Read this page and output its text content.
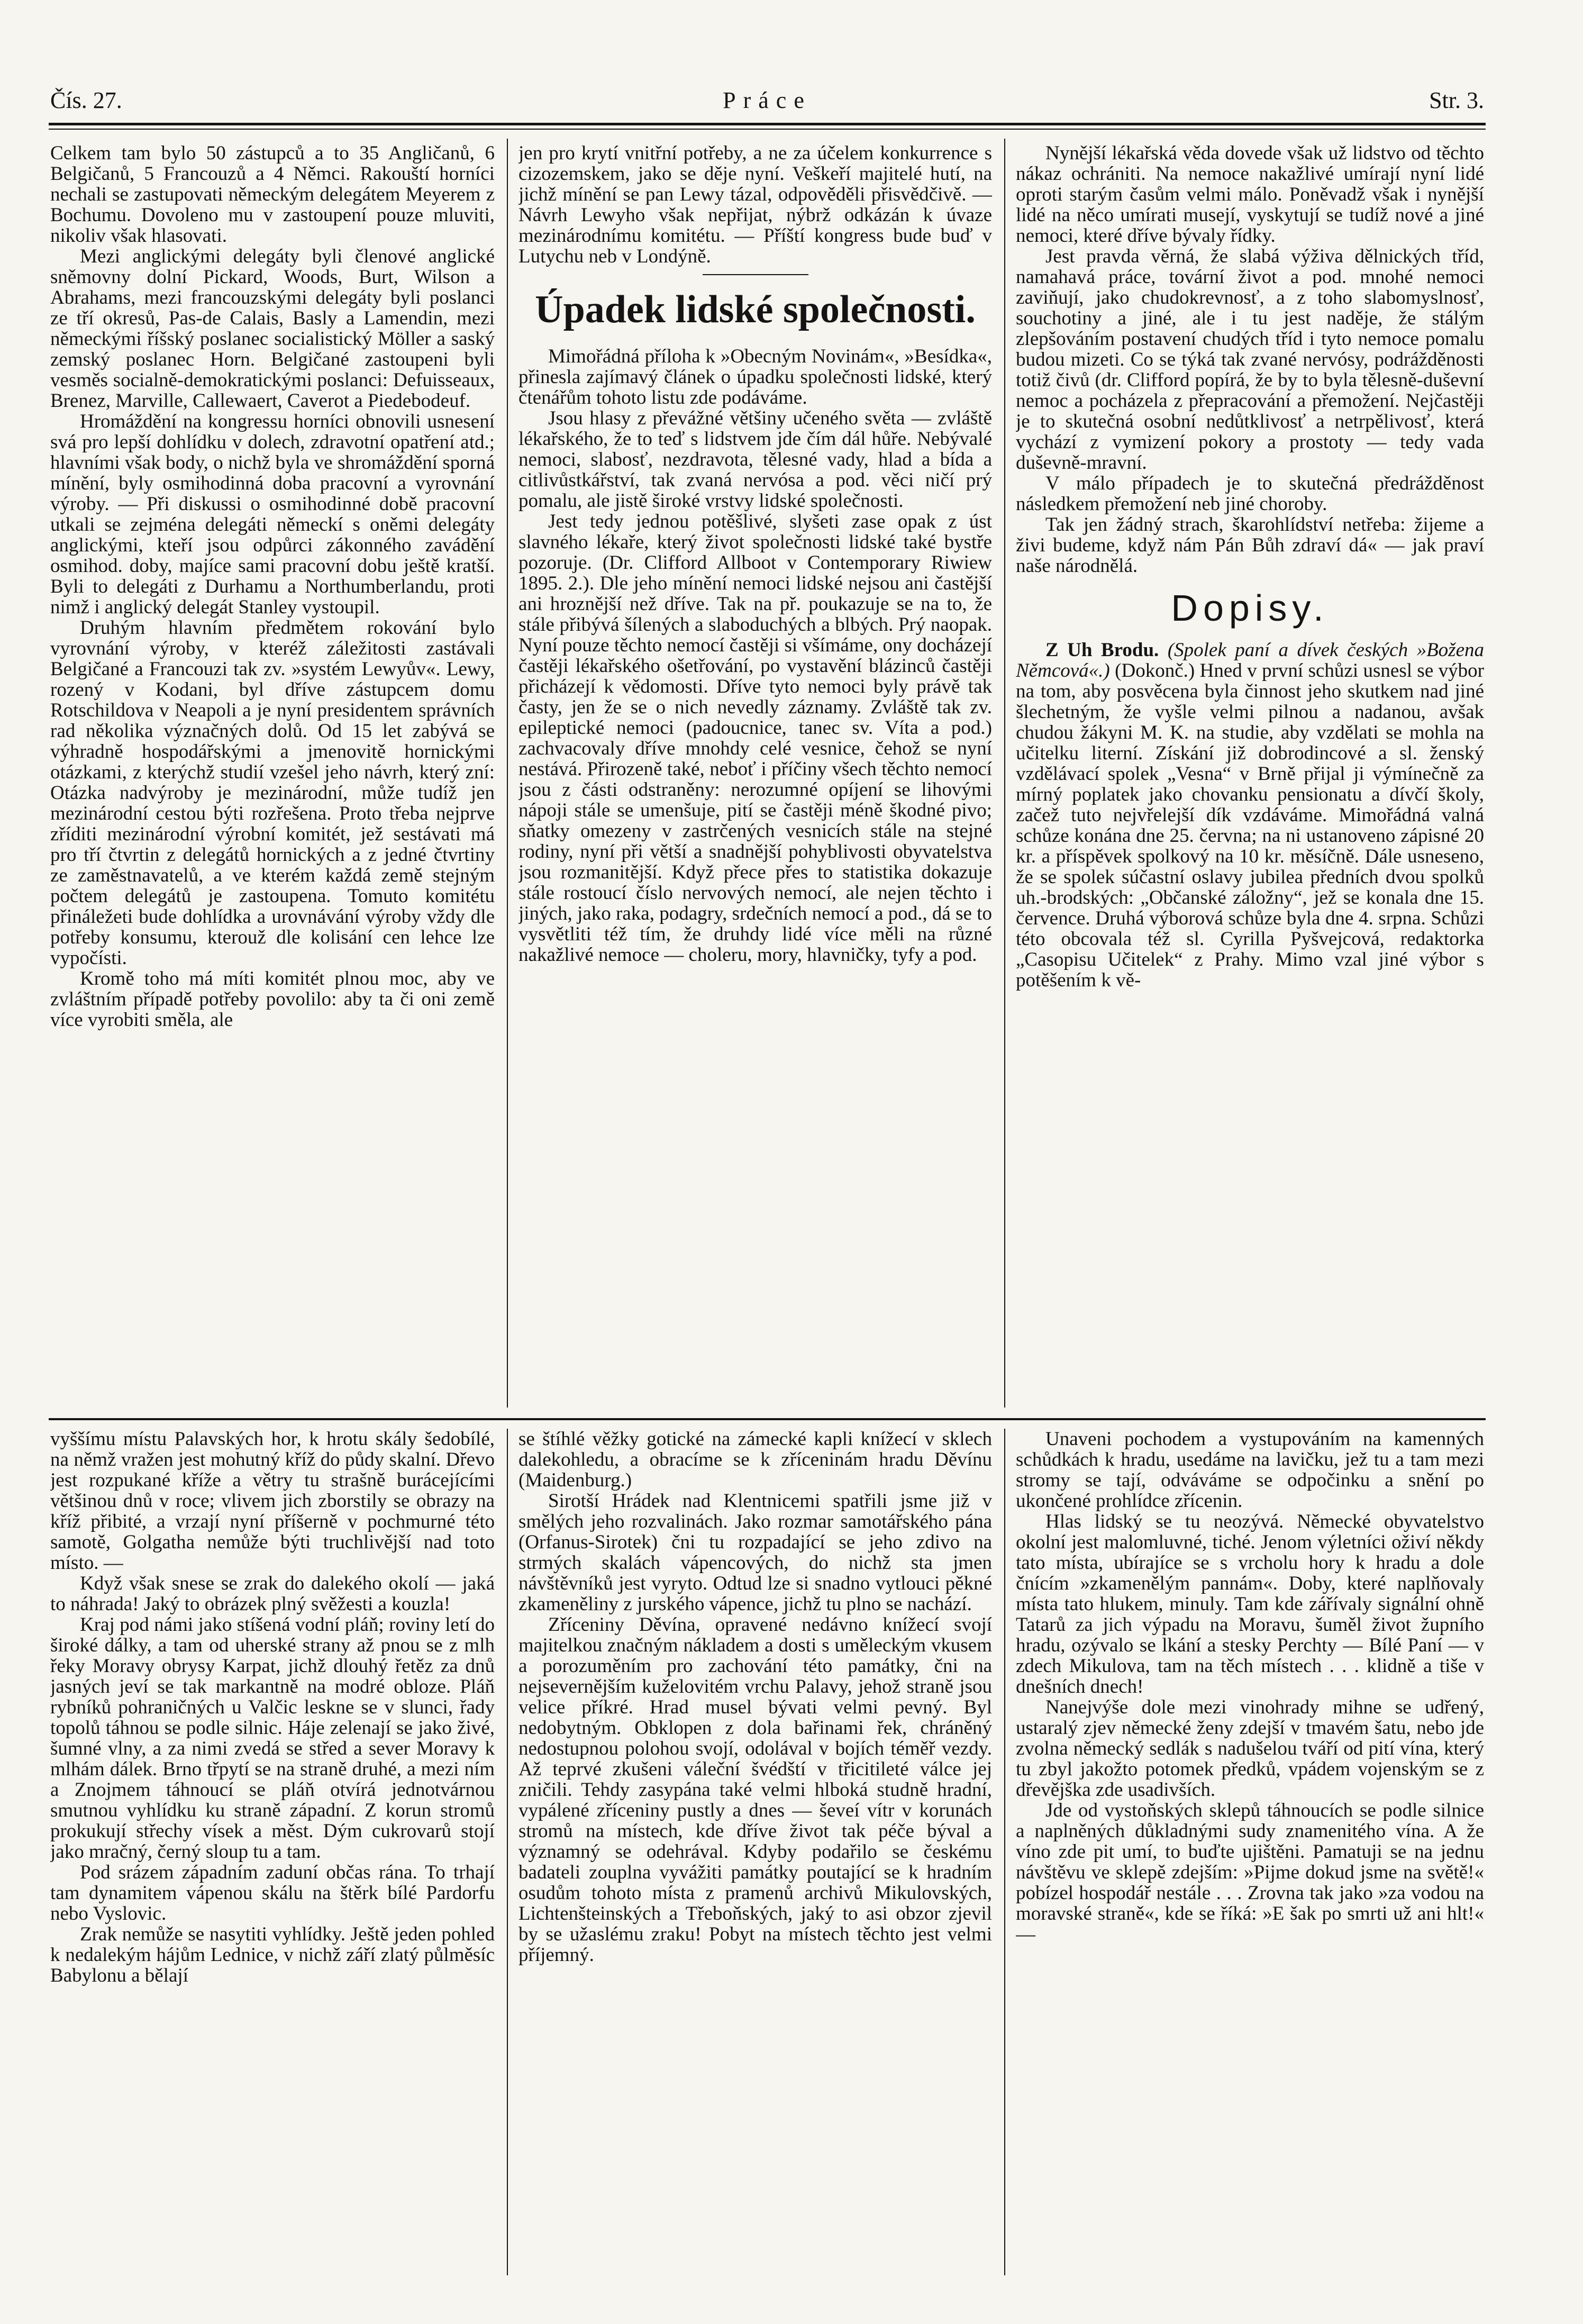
Čís. 27.	Práce	Str. 3.

Celkem tam bylo 50 zástupců a to 35 Angličanů, 6 Belgičanů, 5 Francouzů a 4 Němci. Rakouští horníci nechali se zastupovati německým delegátem Meyerem z Bochumu. Dovoleno mu v zastoupení pouze mluviti, nikoliv však hlasovati.

Mezi anglickými delegáty byli členové anglické sněmovny dolní Pickard, Woods, Burt, Wilson a Abrahams, mezi francouzskými delegáty byli poslanci ze tří okresů, Pas-de Calais, Basly a Lamendin, mezi německými říšský poslanec socialistický Möller a saský zemský poslanec Horn. Belgičané zastoupeni byli vesměs socialně-demokratickými poslanci: Defuisseaux, Brenez, Marville, Callewaert, Caverot a Piedebodeuf.

Hromáždění na kongressu horníci obnovili usnesení svá pro lepší dohlídku v dolech, zdravotní opatření atd.; hlavními však body, o nichž byla ve shromáždění sporná mínění, byly osmihodinná doba pracovní a vyrovnání výroby. — Při diskussi o osmihodinné době pracovní utkali se zejména delegáti německí s oněmi delegáty anglickými, kteří jsou odpůrci zákonného zavádění osmihod. doby, majíce sami pracovní dobu ještě kratší. Byli to delegáti z Durhamu a Northumberlandu, proti nimž i anglický delegát Stanley vystoupil.

Druhým hlavním předmětem rokování bylo vyrovnání výroby, v kteréž záležitosti zastávali Belgičané a Francouzi tak zv. »systém Lewyův«. Lewy, rozený v Kodani, byl dříve zástupcem domu Rotschildova v Neapoli a je nyní presidentem správních rad několika význačných dolů. Od 15 let zabývá se výhradně hospodářskými a jmenovitě hornickými otázkami, z kterýchž studií vzešel jeho návrh, který zní: Otázka nadvýroby je mezinárodní, může tudíž jen mezinárodní cestou býti rozřešena. Proto třeba nejprve zříditi mezinárodní výrobní komitét, jež sestávati má pro tří čtvrtin z delegátů hornických a z jedné čtvrtiny ze zaměstnavatelů, a ve kterém každá země stejným počtem delegátů je zastoupena. Tomuto komitétu přináležeti bude dohlídka a urovnávání výroby vždy dle potřeby konsumu, kterouž dle kolisání cen lehce lze vypočísti.

Kromě toho má míti komitét plnou moc, aby ve zvláštním případě potřeby povolilo: aby ta či oni země více vyrobiti směla, ale

jen pro krytí vnitřní potřeby, a ne za účelem konkurrence s cizozemskem, jako se děje nyní. Veškeří majitelé hutí, na jichž mínění se pan Lewy tázal, odpověděli přisvědčivě. — Návrh Lewyho však nepřijat, nýbrž odkázán k úvaze mezinárodnímu komitétu. — Příští kongress bude buď v Lutychu neb v Londýně.

Úpadek lidské společnosti.

Mimořádná příloha k »Obecným Novinám«, »Besídka«, přinesla zajímavý článek o úpadku společnosti lidské, který čtenářům tohoto listu zde podáváme.

Jsou hlasy z převážné většiny učeného světa — zvláště lékařského, že to teď s lidstvem jde čím dál hůře. Nebývalé nemoci, slabosť, nezdravota, tělesné vady, hlad a bída a citlivůstkářství, tak zvaná nervósa a pod. věci ničí prý pomalu, ale jistě široké vrstvy lidské společnosti.

Jest tedy jednou potěšlivé, slyšeti zase opak z úst slavného lékaře, který život společnosti lidské také bystře pozoruje. (Dr. Clifford Allboot v Contemporary Riwiew 1895. 2.). Dle jeho mínění nemoci lidské nejsou ani častější ani hroznější než dříve. Tak na př. poukazuje se na to, že stále přibývá šílených a slaboduchých a blbých. Prý naopak. Nyní pouze těchto nemocí častěji si všímáme, ony docházejí častěji lékařského ošetřování, po vystavění blázinců častěji přicházejí k vědomosti. Dříve tyto nemoci byly právě tak časty, jen že se o nich nevedly záznamy. Zvláště tak zv. epileptické nemoci (padoucnice, tanec sv. Víta a pod.) zachvacovaly dříve mnohdy celé vesnice, čehož se nyní nestává. Přirozeně také, neboť i příčiny všech těchto nemocí jsou z části odstraněny: nerozumné opíjení se lihovými nápoji stále se umenšuje, pití se častěji méně škodné pivo; sňatky omezeny v zastrčených vesnicích stále na stejné rodiny, nyní při větší a snadnější pohyblivosti obyvatelstva jsou rozmanitější. Když přece přes to statistika dokazuje stále rostoucí číslo nervových nemocí, ale nejen těchto i jiných, jako raka, podagry, srdečních nemocí a pod., dá se to vysvětliti též tím, že druhdy lidé více měli na různé nakažlivé nemoce — choleru, mory, hlavničky, tyfy a pod.

Nynější lékařská věda dovede však už lidstvo od těchto nákaz ochrániti. Na nemoce nakažlivé umírají nyní lidé oproti starým časům velmi málo. Poněvadž však i nynější lidé na něco umírati musejí, vyskytují se tudíž nové a jiné nemoci, které dříve bývaly řídky.

Jest pravda věrná, že slabá výživa dělnických tříd, namahavá práce, tovární život a pod. mnohé nemoci zaviňují, jako chudokrevnosť, a z toho slabomyslnosť, souchotiny a jiné, ale i tu jest naděje, že stálým zlepšováním postavení chudých tříd i tyto nemoce pomalu budou mizeti. Co se týká tak zvané nervósy, podrážděnosti totiž čivů (dr. Clifford popírá, že by to byla tělesně-duševní nemoc a pocházela z přepracování a přemožení. Nejčastěji je to skutečná osobní nedůtklivosť a netrpělivosť, která vychází z vymizení pokory a prostoty — tedy vada duševně-mravní.

V málo případech je to skutečná předrážděnost následkem přemožení neb jiné choroby.

Tak jen žádný strach, škarohlídství netřeba: žijeme a živi budeme, když nám Pán Bůh zdraví dá« — jak praví naše národnělá.

Dopisy.

Z Uh Brodu. (Spolek paní a dívek českých »Božena Němcová«.) (Dokonč.) Hned v první schůzi usnesl se výbor na tom, aby posvěcena byla činnost jeho skutkem nad jiné šlechetným, že vyšle velmi pilnou a nadanou, avšak chudou žákyni M. K. na studie, aby vzdělati se mohla na učitelku literní. Získání již dobrodincové a sl. ženský vzdělávací spolek „Vesna“ v Brně přijal ji výmínečně za mírný poplatek jako chovanku pensionatu a dívčí školy, začež tuto nejvřelejší dík vzdáváme. Mimořádná valná schůze konána dne 25. června; na ni ustanoveno zápisné 20 kr. a příspěvek spolkový na 10 kr. měsíčně. Dále usneseno, že se spolek súčastní oslavy jubilea předních dvou spolků uh.-brodských: „Občanské záložny“, jež se konala dne 15. července. Druhá výborová schůze byla dne 4. srpna. Schůzi této obcovala též sl. Cyrilla Pyšvejcová, redaktorka „Casopisu Učitelek“ z Prahy. Mimo vzal jiné výbor s potěšením k vě-

vyššímu místu Palavských hor, k hrotu skály šedobílé, na němž vražen jest mohutný kříž do půdy skalní. Dřevo jest rozpukané kříže a větry tu strašně burácejícími většinou dnů v roce; vlivem jich zborstily se obrazy na kříž přibité, a vrzají nyní příšerně v pochmurné této samotě, Golgatha nemůže býti truchlivější nad toto místo. —

Když však snese se zrak do dalekého okolí — jaká to náhrada! Jaký to obrázek plný svěžesti a kouzla!

Kraj pod námi jako stíšená vodní pláň; roviny letí do široké dálky, a tam od uherské strany až pnou se z mlh řeky Moravy obrysy Karpat, jichž dlouhý řetěz za dnů jasných jeví se tak markantně na modré obloze. Pláň rybníků pohraničných u Valčic leskne se v slunci, řady topolů táhnou se podle silnic. Háje zelenají se jako živé, šumné vlny, a za nimi zvedá se střed a sever Moravy k mlhám dálek. Brno třpytí se na straně druhé, a mezi ním a Znojmem táhnoucí se pláň otvírá jednotvárnou smutnou vyhlídku ku straně západní. Z korun stromů prokukují střechy vísek a měst. Dým cukrovarů stojí jako mračný, černý sloup tu a tam.

Pod srázem západním zaduní občas rána. To trhají tam dynamitem vápenou skálu na štěrk bílé Pardorfu nebo Vyslovic.

Zrak nemůže se nasytiti vyhlídky. Ještě jeden pohled k nedalekým hájům Lednice, v nichž září zlatý půlměsíc Babylonu a bělají

se štíhlé věžky gotické na zámecké kapli knížecí v sklech dalekohledu, a obracíme se k zříceninám hradu Děvínu (Maidenburg.)

Sirotší Hrádek nad Klentnicemi spatřili jsme již v smělých jeho rozvalinách. Jako rozmar samotářského pána (Orfanus-Sirotek) čni tu rozpadající se jeho zdivo na strmých skalách vápencových, do nichž sta jmen návštěvníků jest vyryto. Odtud lze si snadno vytlouci pěkné zkameněliny z jurského vápence, jichž tu plno se nachází.

Zříceniny Děvína, opravené nedávno knížecí svojí majitelkou značným nákladem a dosti s uměleckým vkusem a porozuměním pro zachování této památky, čni na nejsevernějším kuželovitém vrchu Palavy, jehož straně jsou velice příkré. Hrad musel bývati velmi pevný. Byl nedobytným. Obklopen z dola bařinami řek, chráněný nedostupnou polohou svojí, odolával v bojích téměř vezdy. Až teprvé zkušeni váleční švédští v třicitileté válce jej zničili. Tehdy zasypána také velmi hlboká studně hradní, vypálené zříceniny pustly a dnes — ševeí vítr v korunách stromů na místech, kde dříve život tak péče býval a významný se odehrával. Kdyby podařilo se českému badateli zouplna vyvážiti památky poutající se k hradním osudům tohoto místa z pramenů archivů Mikulovských, Lichtenšteinských a Třeboňských, jaký to asi obzor zjevil by se užaslému zraku! Pobyt na místech těchto jest velmi příjemný.

Unaveni pochodem a vystupováním na kamenných schůdkách k hradu, usedáme na lavičku, jež tu a tam mezi stromy se tají, odváváme se odpočinku a snění po ukončené prohlídce zřícenin.

Hlas lidský se tu neozývá. Německé obyvatelstvo okolní jest malomluvné, tiché. Jenom výletníci oživí někdy tato místa, ubírajíce se s vrcholu hory k hradu a dole čnícím »zkamenělým pannám«. Doby, které naplňovaly místa tato hlukem, minuly. Tam kde zářívaly signální ohně Tatarů za jich výpadu na Moravu, šuměl život župního hradu, ozývalo se lkání a stesky Perchty — Bílé Paní — v zdech Mikulova, tam na těch místech . . . klidně a tiše v dnešních dnech!

Nanejvýše dole mezi vinohrady mihne se udřený, ustaralý zjev německé ženy zdejší v tmavém šatu, nebo jde zvolna německý sedlák s nadušelou tváří od pití vína, který tu zbyl jakožto potomek předků, vpádem vojenským se z dřevějška zde usadivších.

Jde od vystoňských sklepů táhnoucích se podle silnice a naplněných důkladnými sudy znamenitého vína. A že víno zde pit umí, to buďte ujištěni. Pamatuji se na jednu návštěvu ve sklepě zdejším: »Pijme dokud jsme na světě!« pobízel hospodář nestále . . . Zrovna tak jako »za vodou na moravské straně«, kde se říká: »E šak po smrti už ani hlt!« —
